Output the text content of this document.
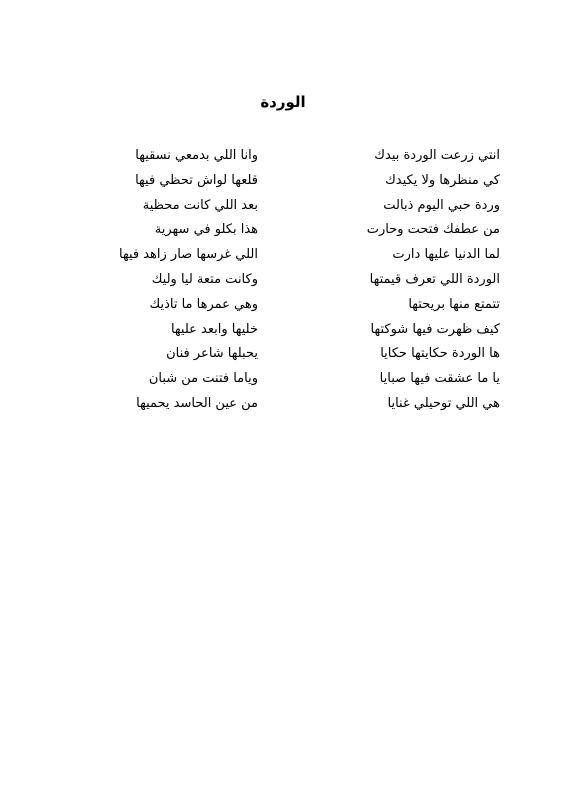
الوردة
انتي زرعت الوردة بيدك
وانا اللي بدمعي نسقيها
كي منظرها ولا يكيدك
قلعها لواش تحظي فيها
وردة حبي اليوم ذبالت
بعد اللي كانت محظية
من عطفك فتحت وحارت
هذا بكلو في سهرية
لما الدنيا عليها دارت
اللي غرسها صار زاهد فيها
الوردة اللي تعرف قيمتها
وكانت متعة ليا وليك
تتمتع منها بريحتها
وهي عمرها ما تاذيك
كيف ظهرت فيها شوكتها
خليها وابعد عليها
ها الوردة حكايتها حكايا
يحبلها شاعر فنان
يا ما عشقت فيها صبايا
وياما فتنت من شبان
هي اللي توحيلي غنايا
من عين الحاسد يحميها
